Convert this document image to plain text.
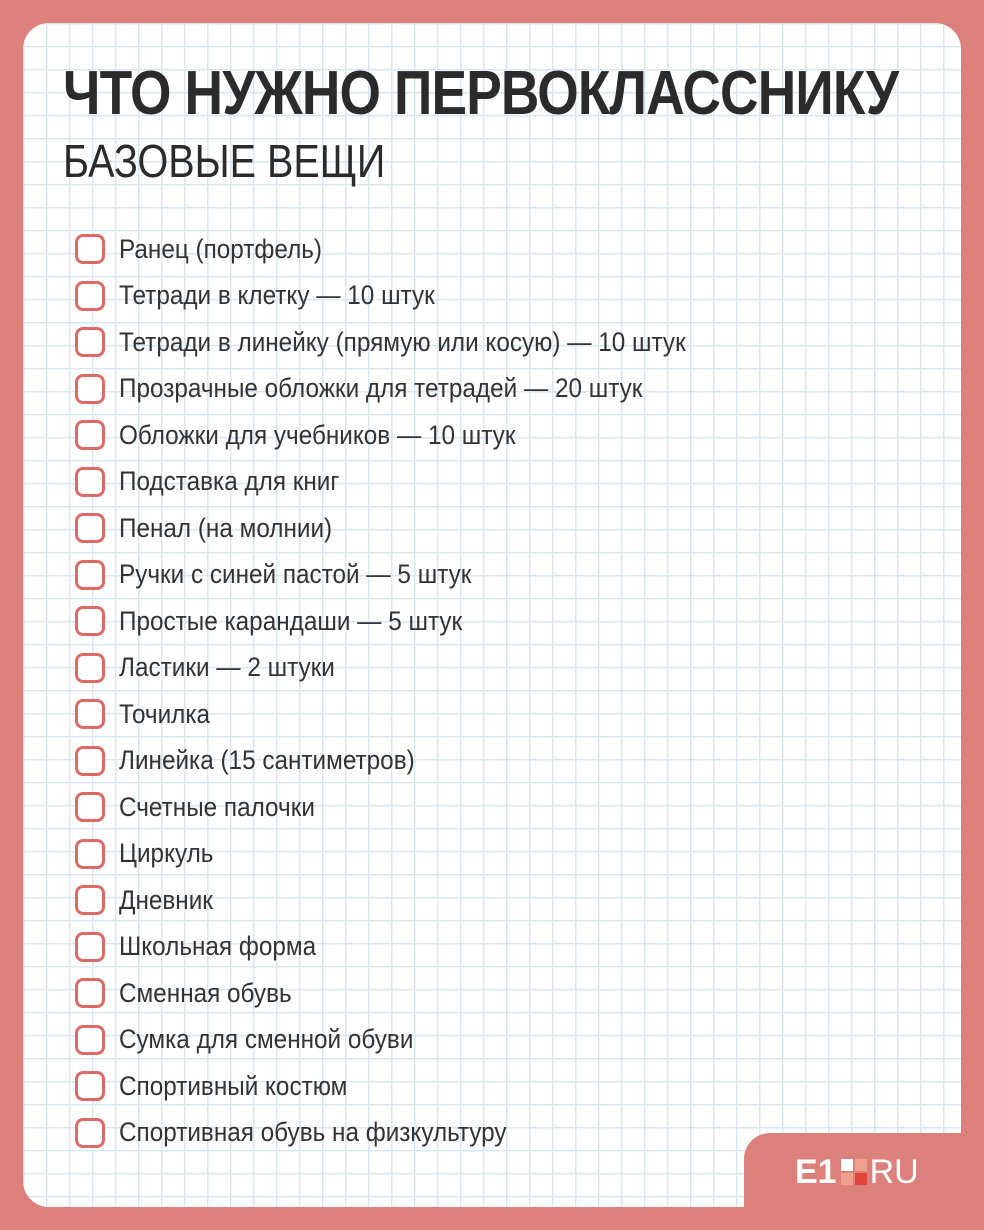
ЧТО НУЖНО ПЕРВОКЛАССНИКУ
БАЗОВЫЕ ВЕЩИ
Ранец (портфель)
Тетради в клетку — 10 штук
Тетради в линейку (прямую или косую) — 10 штук
Прозрачные обложки для тетрадей — 20 штук
Обложки для учебников — 10 штук
Подставка для книг
Пенал (на молнии)
Ручки с синей пастой — 5 штук
Простые карандаши — 5 штук
Ластики — 2 штуки
Точилка
Линейка (15 сантиметров)
Счетные палочки
Циркуль
Дневник
Школьная форма
Сменная обувь
Сумка для сменной обуви
Спортивный костюм
Спортивная обувь на физкультуру
E1 RU
